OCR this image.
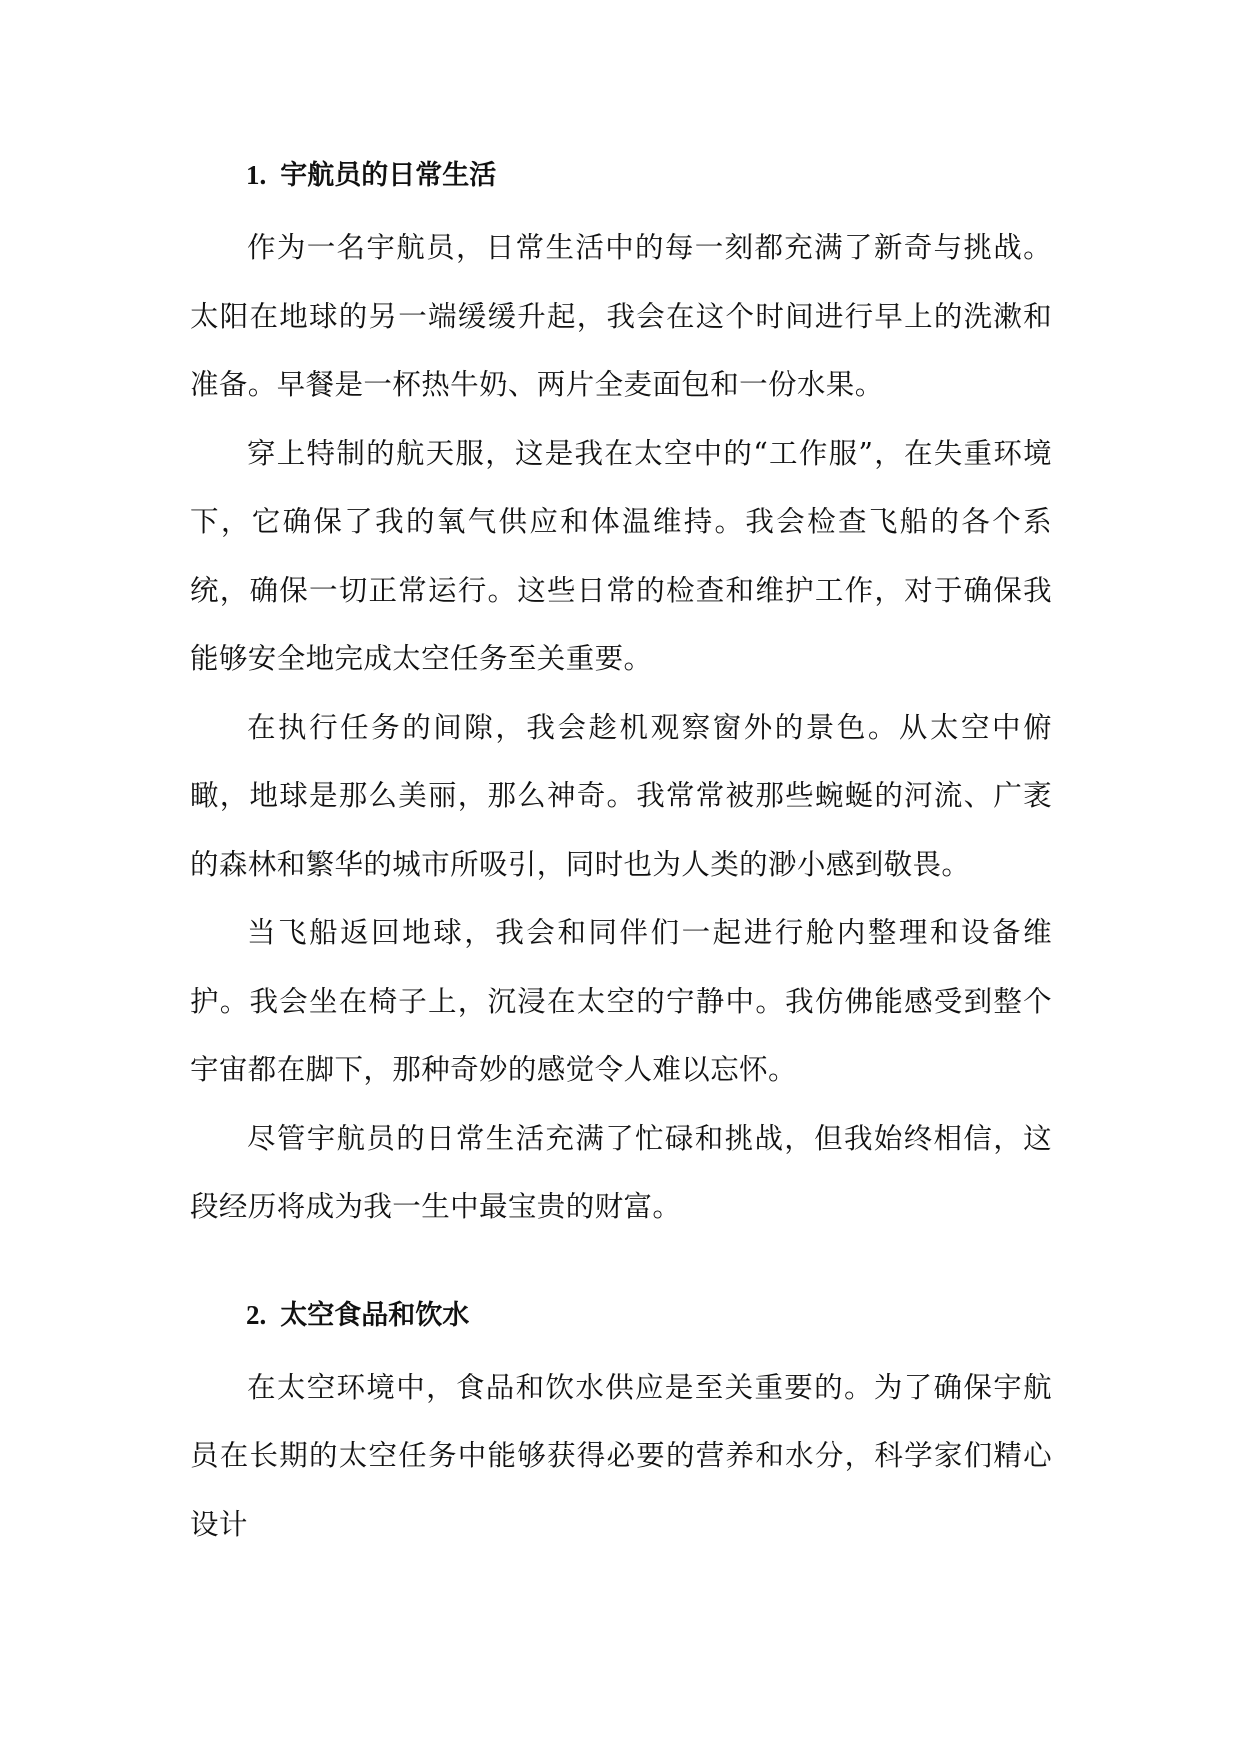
1. 宇航员的日常生活

作为一名宇航员，日常生活中的每一刻都充满了新奇与挑战。太阳在地球的另一端缓缓升起，我会在这个时间进行早上的洗漱和准备。早餐是一杯热牛奶、两片全麦面包和一份水果。

穿上特制的航天服，这是我在太空中的“工作服”，在失重环境下，它确保了我的氧气供应和体温维持。我会检查飞船的各个系统，确保一切正常运行。这些日常的检查和维护工作，对于确保我能够安全地完成太空任务至关重要。

在执行任务的间隙，我会趁机观察窗外的景色。从太空中俯瞰，地球是那么美丽，那么神奇。我常常被那些蜿蜒的河流、广袤的森林和繁华的城市所吸引，同时也为人类的渺小感到敬畏。

当飞船返回地球，我会和同伴们一起进行舱内整理和设备维护。我会坐在椅子上，沉浸在太空的宁静中。我仿佛能感受到整个宇宙都在脚下，那种奇妙的感觉令人难以忘怀。

尽管宇航员的日常生活充满了忙碌和挑战，但我始终相信，这段经历将成为我一生中最宝贵的财富。

2. 太空食品和饮水

在太空环境中，食品和饮水供应是至关重要的。为了确保宇航员在长期的太空任务中能够获得必要的营养和水分，科学家们精心设计
